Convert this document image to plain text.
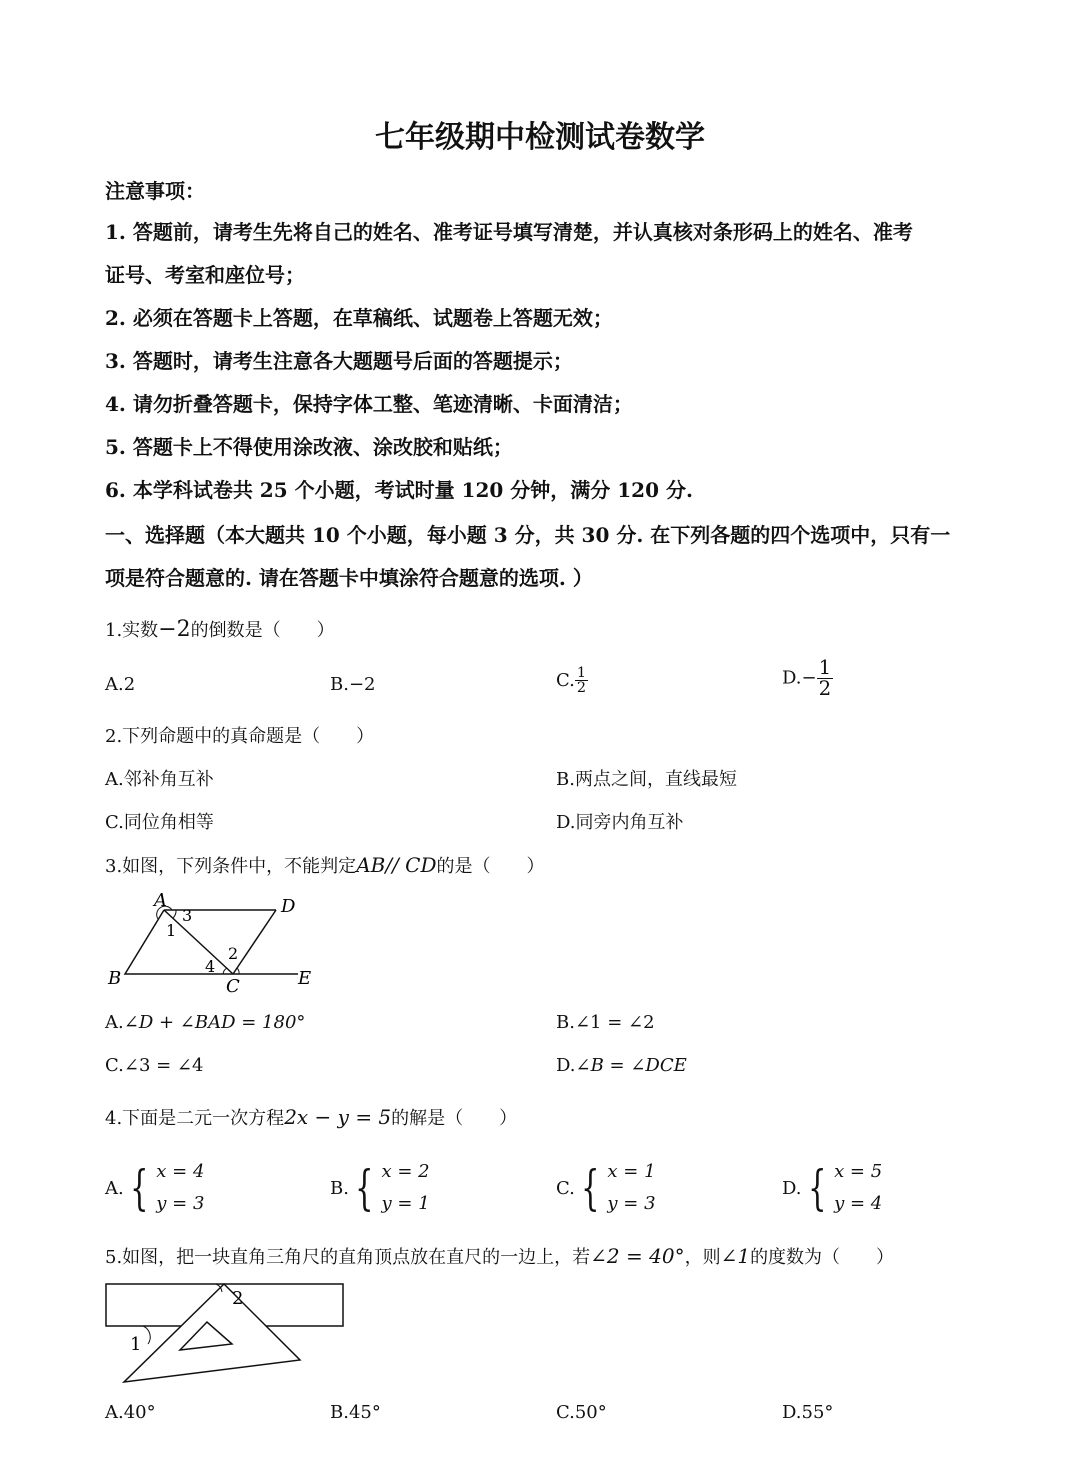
七年级期中检测试卷数学
注意事项：
1. 答题前，请考生先将自己的姓名、准考证号填写清楚，并认真核对条形码上的姓名、准考
证号、考室和座位号；
2. 必须在答题卡上答题，在草稿纸、试题卷上答题无效；
3. 答题时，请考生注意各大题题号后面的答题提示；
4. 请勿折叠答题卡，保持字体工整、笔迹清晰、卡面清洁；
5. 答题卡上不得使用涂改液、涂改胶和贴纸；
6. 本学科试卷共 25 个小题，考试时量 120 分钟，满分 120 分.
一、选择题（本大题共 10 个小题，每小题 3 分，共 30 分. 在下列各题的四个选项中，只有一
项是符合题意的. 请在答题卡中填涂符合题意的选项. ）
1.实数−2的倒数是（　　）
A.2	B.−2	C. $\frac{1}{2}$	$D.- \frac{1}{2}$
2.下列命题中的真命题是（　　）
A.邻补角互补	B.两点之间，直线最短
C.同位角相等	D.同旁内角互补
3.如图，下列条件中，不能判定AB// CD的是（　　）
A	D
B	C	E
1
3
2
4
A.∠D + ∠BAD = 180°	B.∠1 = ∠2
C.∠3 = ∠4	D.∠B = ∠DCE
4.下面是二元一次方程2x − y = 5的解是（　　）
A. { x = 4
y = 3
B. { x = 2
y = 1
C. { x = 1
y = 3
D. { x = 5
y = 4
5.如图，把一块直角三角尺的直角顶点放在直尺的一边上，若∠2 = 40°，则∠1的度数为（　　）
2
1
A.40°	B.45°	C.50°	D.55°
